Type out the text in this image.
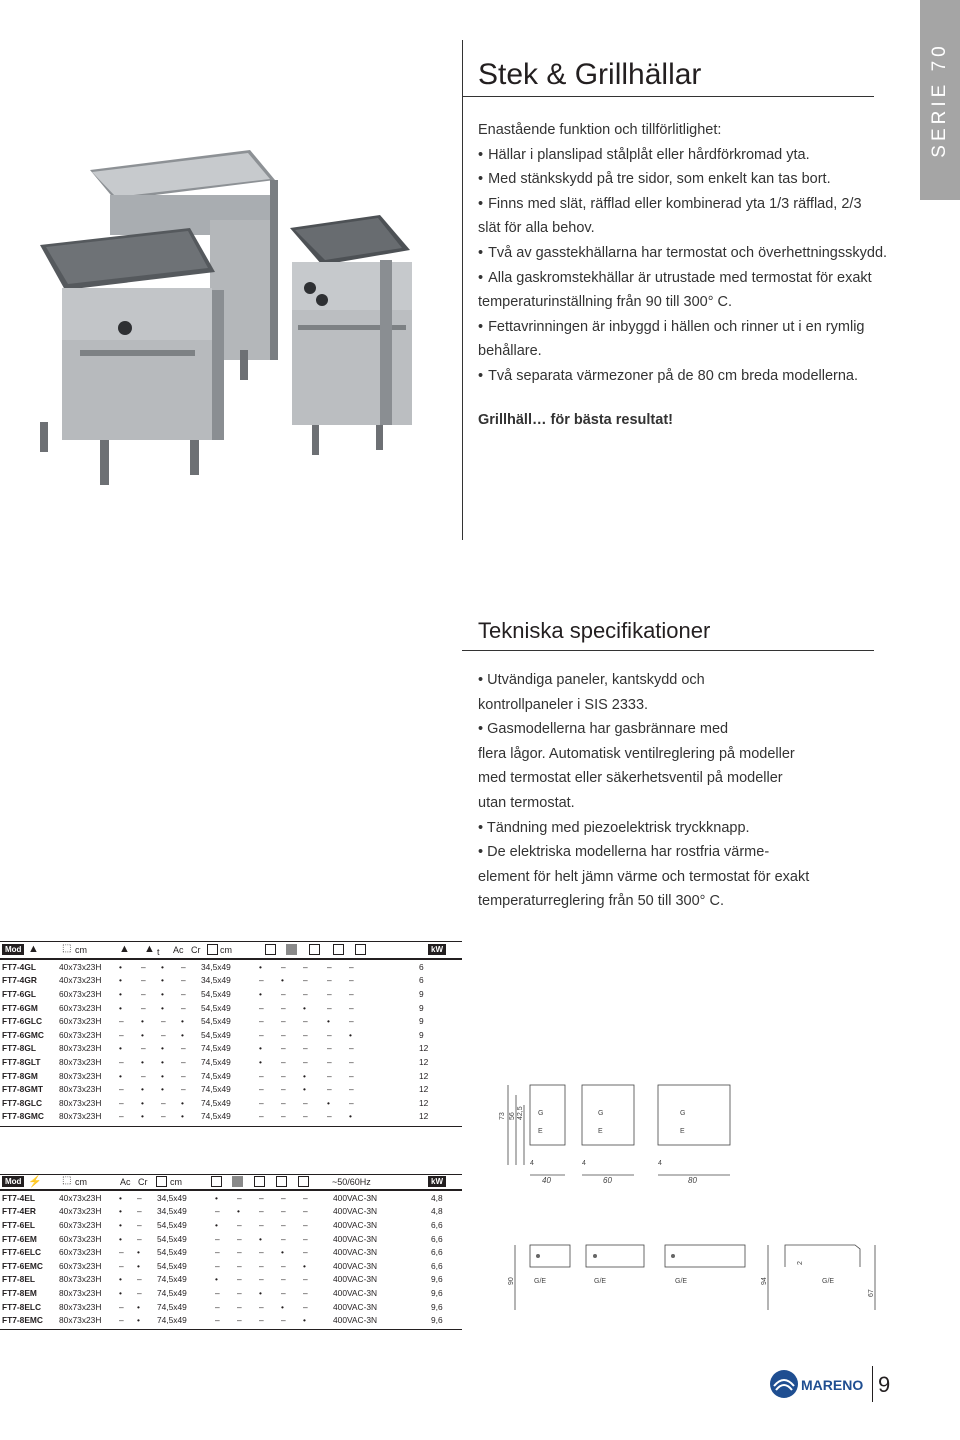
SERIE 70
Stek & Grillhällar

Enastående funktion och tillförlitlighet:

• Hällar i planslipad stålplåt eller hårdförkromad yta.

• Med stänkskydd på tre sidor, som enkelt kan tas bort.

• Finns med slät, räfflad eller kombinerad yta 1/3 räfflad, 2/3

slät för alla behov.

• Två av gasstekhällarna har termostat och överhettningsskydd.

• Alla gaskromstekhällar är utrustade med termostat för exakt

temperaturinställning från 90 till 300° C.

• Fettavrinningen är inbyggd i hällen och rinner ut i en rymlig

behållare.

• Två separata värmezoner på de 80 cm breda modellerna.

Grillhäll… för bästa resultat!
Tekniska specifikationer

• Utvändiga paneler, kantskydd och

kontrollpaneler i SIS 2333.

• Gasmodellerna har gasbrännare med

flera lågor. Automatisk ventilreglering på modeller

med termostat eller säkerhetsventil på modeller

utan termostat.

• Tändning med piezoelektrisk tryckknapp.

• De elektriska modellerna har rostfria värme-

element för helt jämn värme och termostat för exakt

temperaturreglering från 50 till 300° C.

Mod ▲ ⬚ cm	▲ ▲ t Ac Cr cm	kW
FT7-4GL	40x73x23H	•	–	•	–	34,5x49	•	–	–	–	–	6
FT7-4GR	40x73x23H	•	–	•	–	34,5x49	–	•	–	–	–	6
FT7-6GL	60x73x23H	•	–	•	–	54,5x49	•	–	–	–	–	9
FT7-6GM	60x73x23H	•	–	•	–	54,5x49	–	–	•	–	–	9
FT7-6GLC	60x73x23H	–	•	–	•	54,5x49	–	–	–	•	–	9
FT7-6GMC	60x73x23H	–	•	–	•	54,5x49	–	–	–	–	•	9
FT7-8GL	80x73x23H	•	–	•	–	74,5x49	•	–	–	–	–	12
FT7-8GLT	80x73x23H	–	•	•	–	74,5x49	•	–	–	–	–	12
FT7-8GM	80x73x23H	•	–	•	–	74,5x49	–	–	•	–	–	12
FT7-8GMT	80x73x23H	–	•	•	–	74,5x49	–	–	•	–	–	12
FT7-8GLC	80x73x23H	–	•	–	•	74,5x49	–	–	–	•	–	12
FT7-8GMC	80x73x23H	–	•	–	•	74,5x49	–	–	–	–	•	12
Mod ⚡ ⬚ cm	Ac Cr	cm	~50/60Hz	kW
FT7-4EL	40x73x23H	•	–	34,5x49	•	–	–	–	–	400VAC-3N	4,8
FT7-4ER	40x73x23H	•	–	34,5x49	–	•	–	–	–	400VAC-3N	4,8
FT7-6EL	60x73x23H	•	–	54,5x49	•	–	–	–	–	400VAC-3N	6,6
FT7-6EM	60x73x23H	•	–	54,5x49	–	–	•	–	–	400VAC-3N	6,6
FT7-6ELC	60x73x23H	–	•	54,5x49	–	–	–	•	–	400VAC-3N	6,6
FT7-6EMC	60x73x23H	–	•	54,5x49	–	–	–	–	•	400VAC-3N	6,6
FT7-8EL	80x73x23H	•	–	74,5x49	•	–	–	–	–	400VAC-3N	9,6
FT7-8EM	80x73x23H	•	–	74,5x49	–	–	•	–	–	400VAC-3N	9,6
FT7-8ELC	80x73x23H	–	•	74,5x49	–	–	–	•	–	400VAC-3N	9,6
FT7-8EMC	80x73x23H	–	•	74,5x49	–	–	–	–	•	400VAC-3N	9,6
73 56 42,5 G
E
G
E
G
E
4	4	4
40	60	80
90	G/E	G/E	G/E	G/E
94
2
67
MARENO 9
